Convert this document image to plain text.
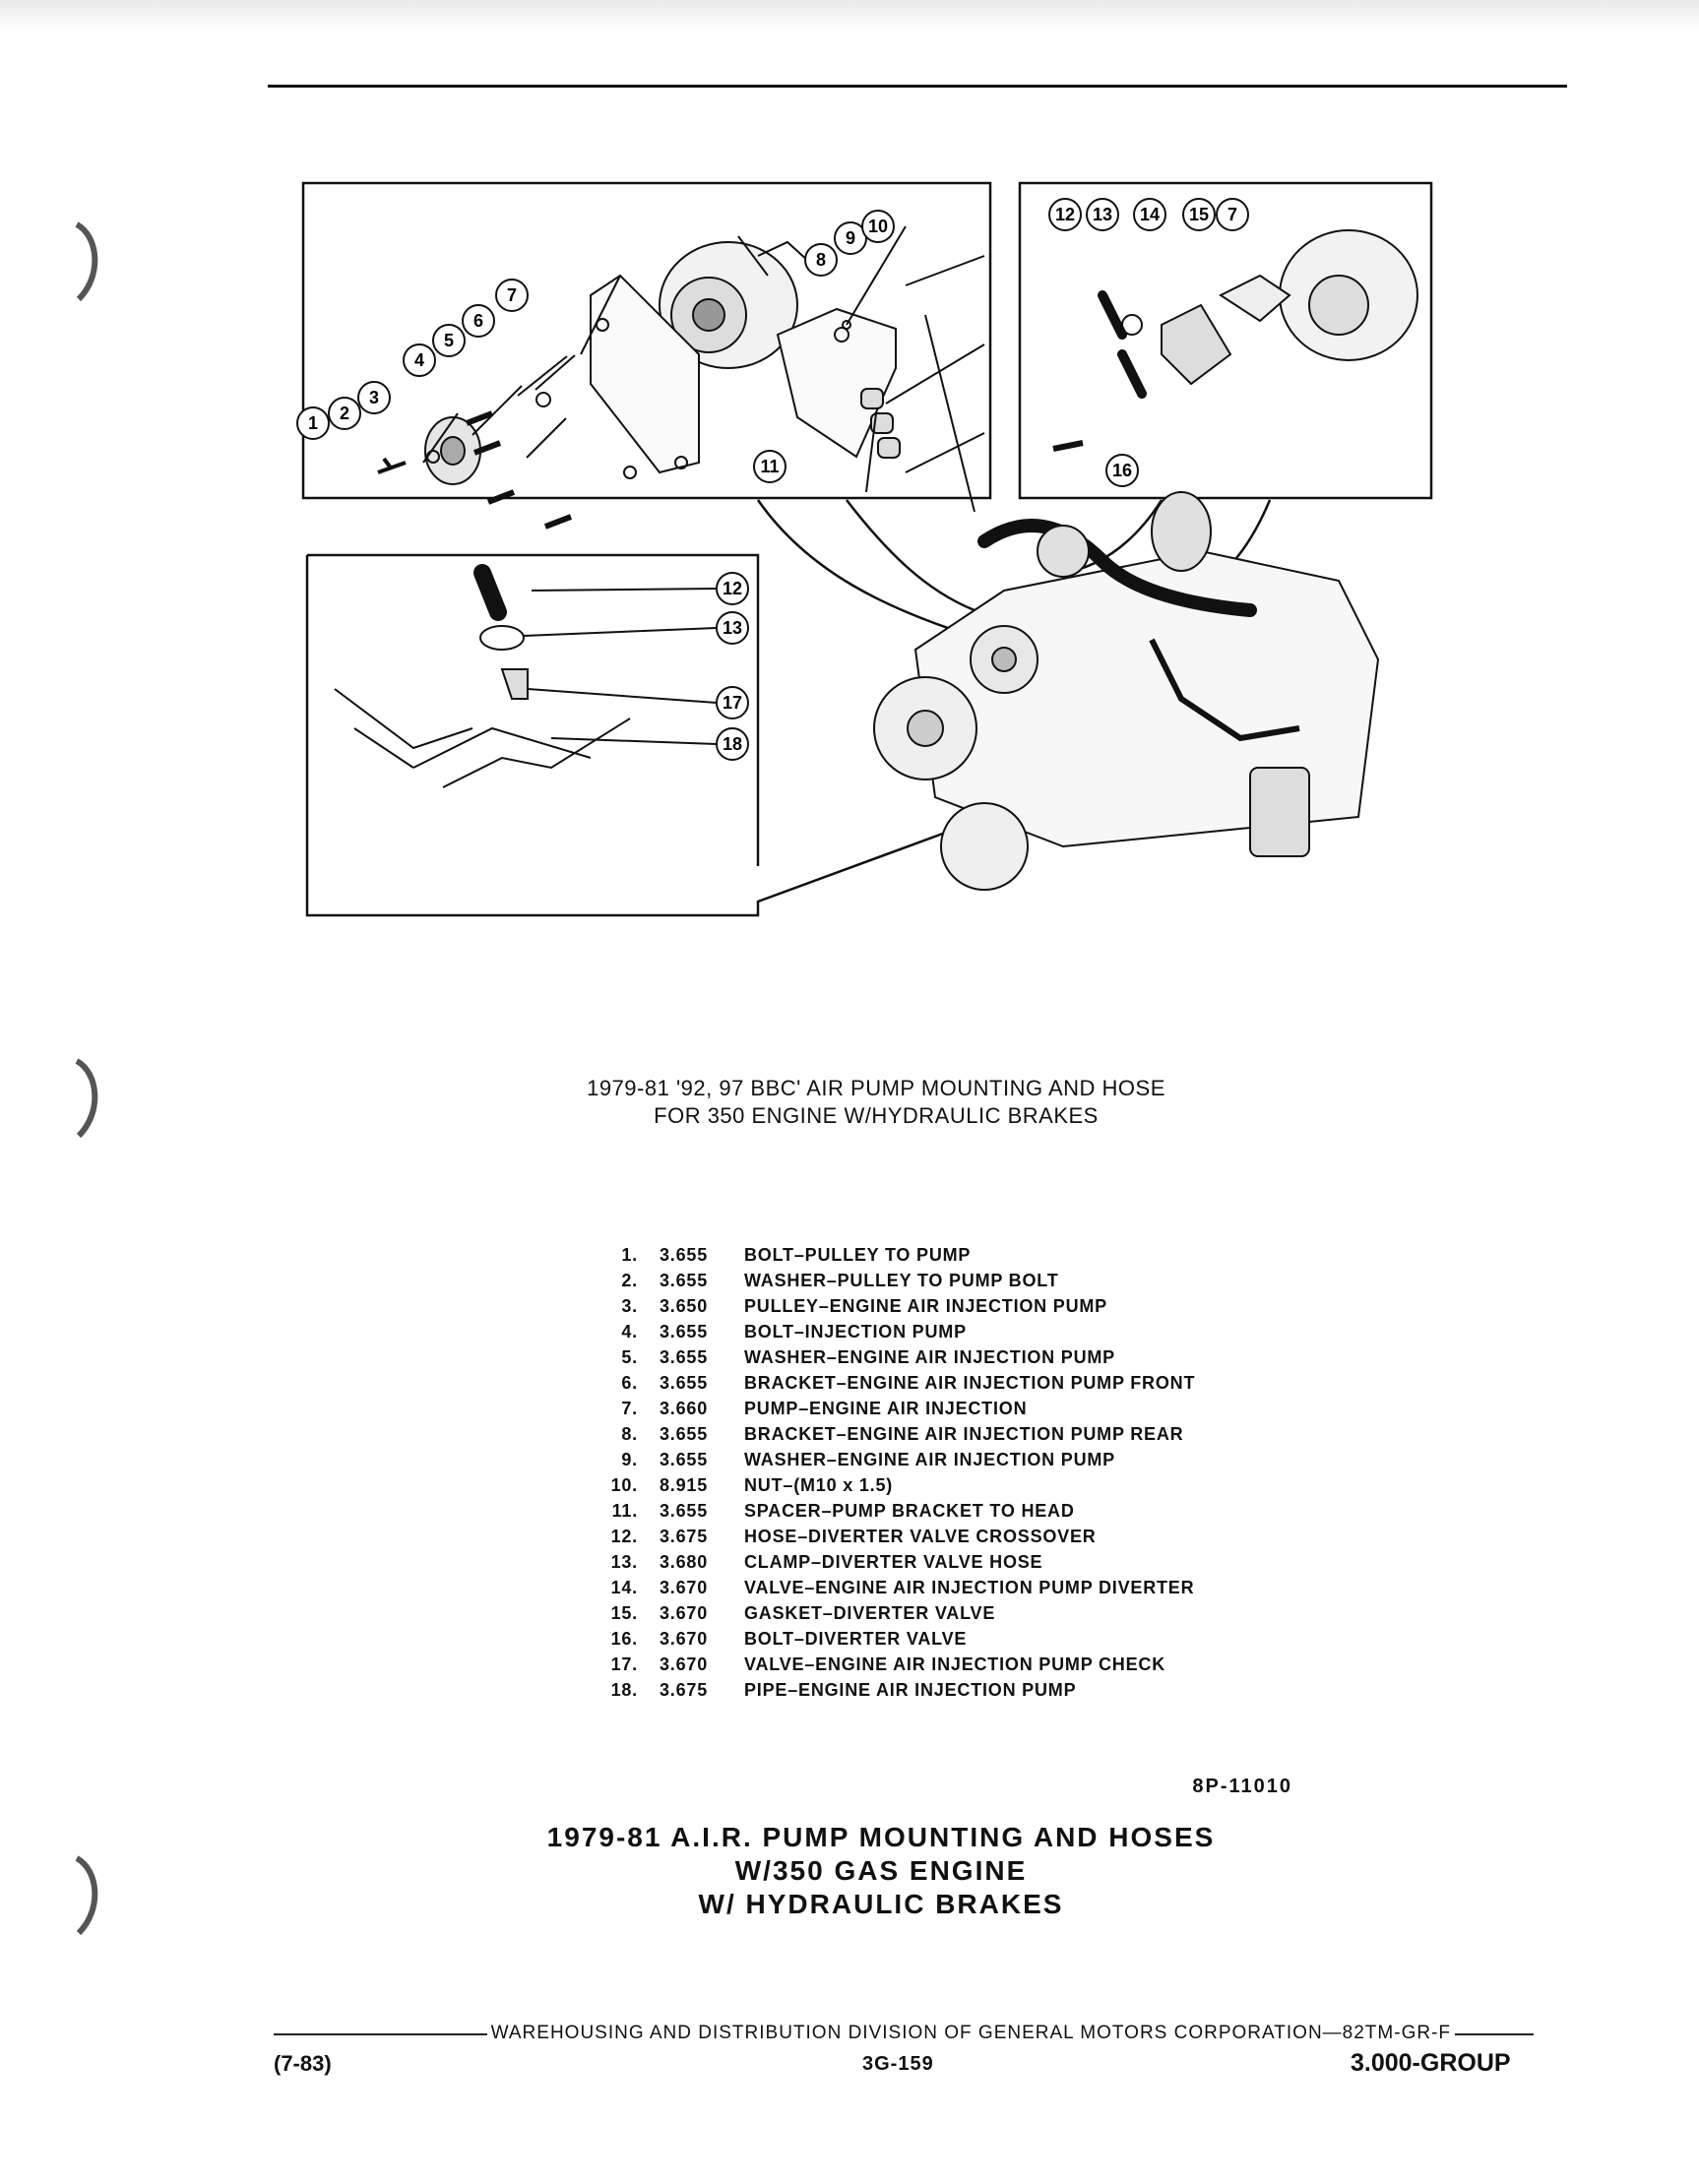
1 2
3
4
5
6
7
8
9
10
11
12 13 14 15 7
16
12
13
17
18
1979-81 '92, 97 BBC' AIR PUMP MOUNTING AND HOSE
FOR 350 ENGINE W/HYDRAULIC BRAKES
1.	3.655	BOLT–PULLEY TO PUMP
2.	3.655	WASHER–PULLEY TO PUMP BOLT
3.	3.650	PULLEY–ENGINE AIR INJECTION PUMP
4.	3.655	BOLT–INJECTION PUMP
5.	3.655	WASHER–ENGINE AIR INJECTION PUMP
6.	3.655	BRACKET–ENGINE AIR INJECTION PUMP FRONT
7.	3.660	PUMP–ENGINE AIR INJECTION
8.	3.655	BRACKET–ENGINE AIR INJECTION PUMP REAR
9.	3.655	WASHER–ENGINE AIR INJECTION PUMP
10.	8.915	NUT–(M10 x 1.5)
11.	3.655	SPACER–PUMP BRACKET TO HEAD
12.	3.675	HOSE–DIVERTER VALVE CROSSOVER
13.	3.680	CLAMP–DIVERTER VALVE HOSE
14.	3.670	VALVE–ENGINE AIR INJECTION PUMP DIVERTER
15.	3.670	GASKET–DIVERTER VALVE
16.	3.670	BOLT–DIVERTER VALVE
17.	3.670	VALVE–ENGINE AIR INJECTION PUMP CHECK
18.	3.675	PIPE–ENGINE AIR INJECTION PUMP
8P-11010
1979-81 A.I.R. PUMP MOUNTING AND HOSES
W/350 GAS ENGINE
W/ HYDRAULIC BRAKES
WAREHOUSING AND DISTRIBUTION DIVISION OF GENERAL MOTORS CORPORATION—82TM-GR-F
(7-83)	3G-159	3.000-GROUP
